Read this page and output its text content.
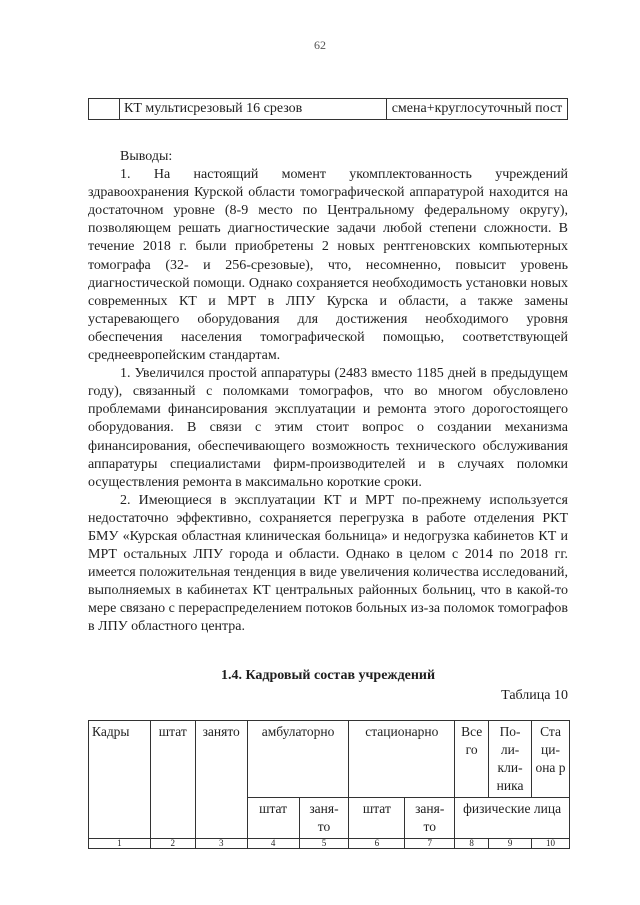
62
	КТ мультисрезовый 16 срезов	смена+круглосуточный пост

Выводы:

1. На настоящий момент укомплектованность учреждений здравоохранения Курской области томографической аппаратурой находится на достаточном уровне (8-9 место по Центральному федеральному округу), позволяющем решать диагностические задачи любой степени сложности. В течение 2018 г. были приобретены 2 новых рентгеновских компьютерных томографа (32- и 256-срезовые), что, несомненно, повысит уровень диагностической помощи. Однако сохраняется необходимость установки новых современных КТ и МРТ в ЛПУ Курска и области, а также замены устаревающего оборудования для достижения необходимого уровня обеспечения населения томографической помощью, соответствующей среднеевропейским стандартам.

1. Увеличился простой аппаратуры (2483 вместо 1185 дней в предыдущем году), связанный с поломками томографов, что во многом обусловлено проблемами финансирования эксплуатации и ремонта этого дорогостоящего оборудования. В связи с этим стоит вопрос о создании механизма финансирования, обеспечивающего возможность технического обслуживания аппаратуры специалистами фирм-производителей и в случаях поломки осуществления ремонта в максимально короткие сроки.

2. Имеющиеся в эксплуатации КТ и МРТ по-прежнему используется недостаточно эффективно, сохраняется перегрузка в работе отделения РКТ БМУ «Курская областная клиническая больница» и недогрузка кабинетов КТ и МРТ остальных ЛПУ города и области. Однако в целом с 2014 по 2018 гг. имеется положительная тенденция в виде увеличения количества исследований, выполняемых в кабинетах КТ центральных районных больниц, что в какой-то мере связано с перераспределением потоков больных из-за поломок томографов в ЛПУ областного центра.

1.4. Кадровый состав учреждений
Таблица 10
Кадры	штат	занято	амбулаторно		стационарно		Все го	По- ли- кли- ника	Ста ци- она р
			штат	заня- то	штат	заня- то	физические лица		
1	2	3	4	5	6	7	8	9	10
